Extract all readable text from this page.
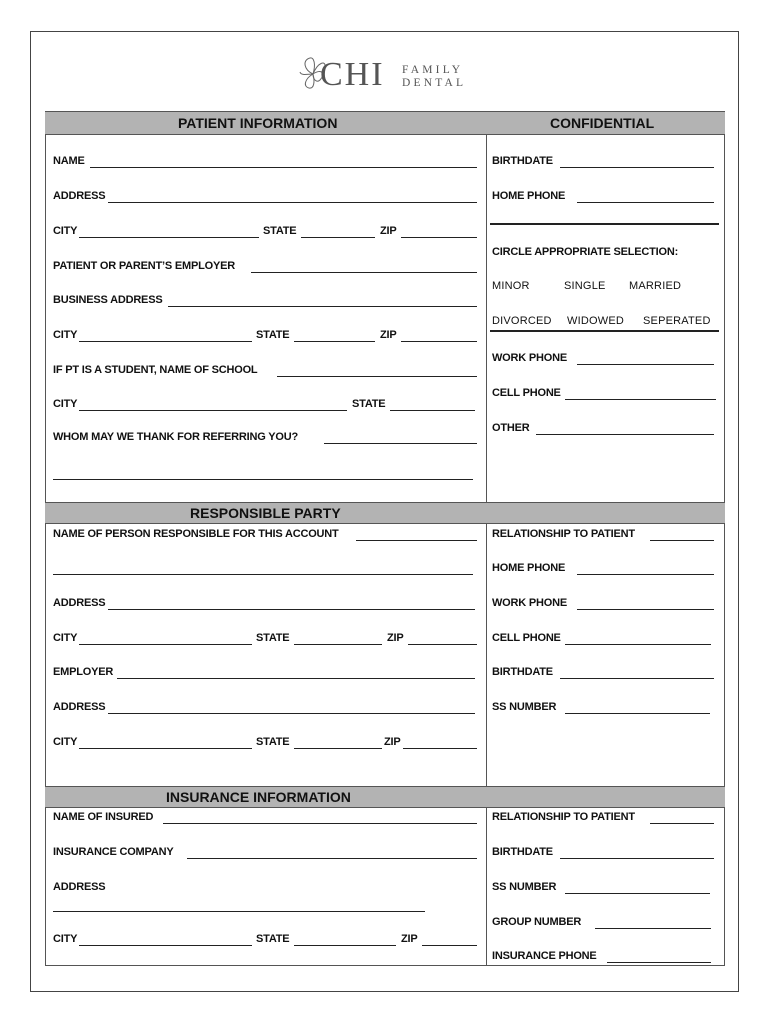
CHI FAMILY
DENTAL
PATIENT INFORMATION	CONFIDENTIAL
RESPONSIBLE PARTY
INSURANCE INFORMATION
NAME
ADDRESS
CITY	STATE	ZIP
PATIENT OR PARENT’S EMPLOYER
BUSINESS ADDRESS
CITY	STATE	ZIP
IF PT IS A STUDENT, NAME OF SCHOOL
CITY	STATE
WHOM MAY WE THANK FOR REFERRING YOU?
BIRTHDATE
HOME PHONE
CIRCLE APPROPRIATE SELECTION:
MINOR	SINGLE MARRIED
DIVORCED WIDOWED SEPERATED
WORK PHONE
CELL PHONE
OTHER
NAME OF PERSON RESPONSIBLE FOR THIS ACCOUNT
ADDRESS
CITY	STATE	ZIP
EMPLOYER
ADDRESS
CITY	STATE	ZIP
RELATIONSHIP TO PATIENT
HOME PHONE
WORK PHONE
CELL PHONE
BIRTHDATE
SS NUMBER
NAME OF INSURED
INSURANCE COMPANY
ADDRESS
CITY	STATE	ZIP
RELATIONSHIP TO PATIENT
BIRTHDATE
SS NUMBER
GROUP NUMBER
INSURANCE PHONE
